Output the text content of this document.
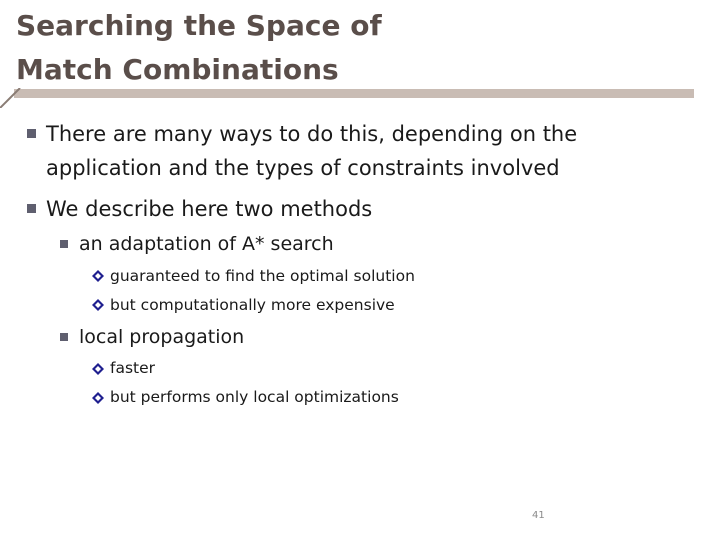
Searching the Space of
Match Combinations
There are many ways to do this, depending on the
application and the types of constraints involved
We describe here two methods
an adaptation of A* search
guaranteed to find the optimal solution
but computationally more expensive
local propagation
faster
but performs only local optimizations
41
